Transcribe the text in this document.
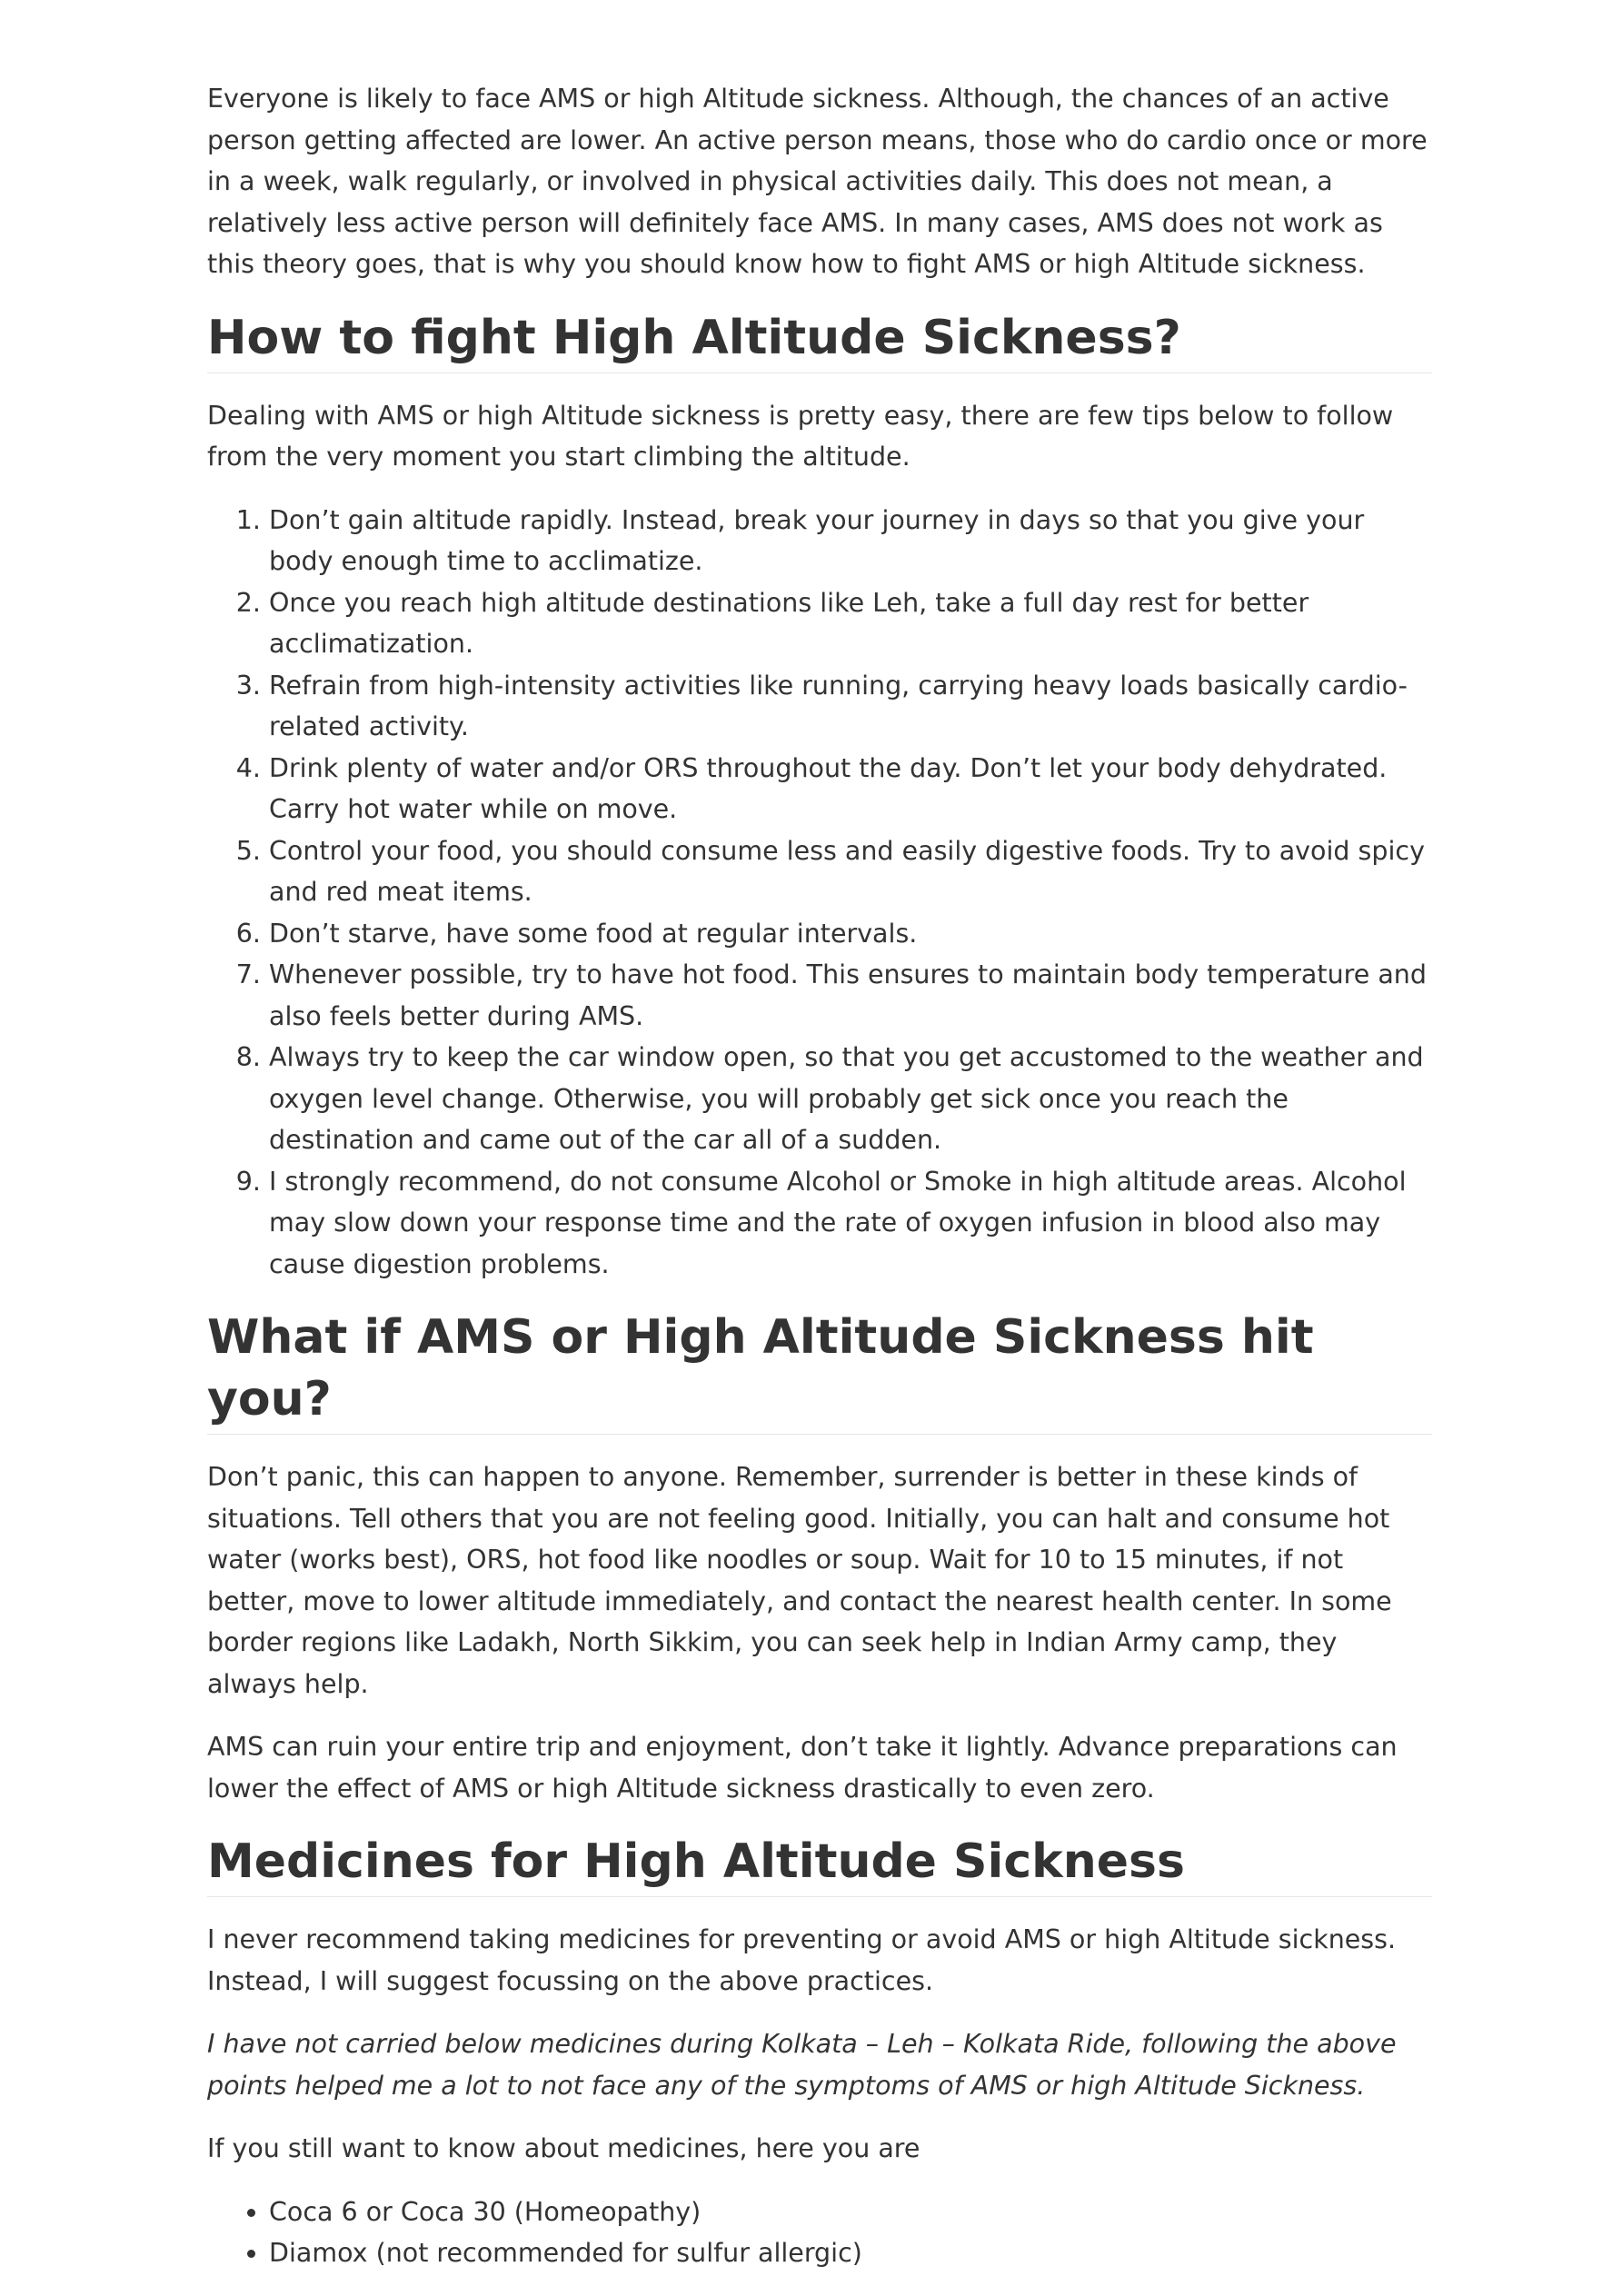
Everyone is likely to face AMS or high Altitude sickness. Although, the chances of an active person getting affected are lower. An active person means, those who do cardio once or more in a week, walk regularly, or involved in physical activities daily. This does not mean, a relatively less active person will definitely face AMS. In many cases, AMS does not work as this theory goes, that is why you should know how to fight AMS or high Altitude sickness.

How to fight High Altitude Sickness?

Dealing with AMS or high Altitude sickness is pretty easy, there are few tips below to follow from the very moment you start climbing the altitude.

1. Don’t gain altitude rapidly. Instead, break your journey in days so that you give your body enough time to acclimatize.
2. Once you reach high altitude destinations like Leh, take a full day rest for better acclimatization.
3. Refrain from high-intensity activities like running, carrying heavy loads basically cardio-related activity.
4. Drink plenty of water and/or ORS throughout the day. Don’t let your body dehydrated. Carry hot water while on move.
5. Control your food, you should consume less and easily digestive foods. Try to avoid spicy and red meat items.
6. Don’t starve, have some food at regular intervals.
7. Whenever possible, try to have hot food. This ensures to maintain body temperature and also feels better during AMS.
8. Always try to keep the car window open, so that you get accustomed to the weather and oxygen level change. Otherwise, you will probably get sick once you reach the destination and came out of the car all of a sudden.
9. I strongly recommend, do not consume Alcohol or Smoke in high altitude areas. Alcohol may slow down your response time and the rate of oxygen infusion in blood also may cause digestion problems.
What if AMS or High Altitude Sickness hit you?

Don’t panic, this can happen to anyone. Remember, surrender is better in these kinds of situations. Tell others that you are not feeling good. Initially, you can halt and consume hot water (works best), ORS, hot food like noodles or soup. Wait for 10 to 15 minutes, if not better, move to lower altitude immediately, and contact the nearest health center. In some border regions like Ladakh, North Sikkim, you can seek help in Indian Army camp, they always help.

AMS can ruin your entire trip and enjoyment, don’t take it lightly. Advance preparations can lower the effect of AMS or high Altitude sickness drastically to even zero.

Medicines for High Altitude Sickness

I never recommend taking medicines for preventing or avoid AMS or high Altitude sickness. Instead, I will suggest focussing on the above practices.

I have not carried below medicines during Kolkata – Leh – Kolkata Ride, following the above points helped me a lot to not face any of the symptoms of AMS or high Altitude Sickness.

If you still want to know about medicines, here you are

• Coca 6 or Coca 30 (Homeopathy)
• Diamox (not recommended for sulfur allergic)
